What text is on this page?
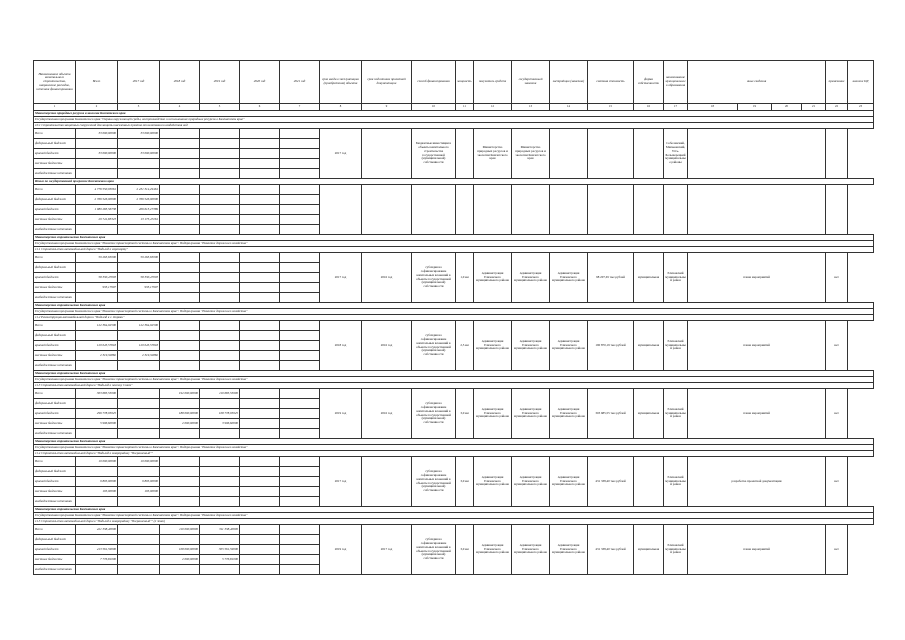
Наименование объекта капитального строительства, направление расходов, источник финансирования	Всего	2017 год	2018 год	2019 год	2020 год	2021 год	срок ввода в эксплуатацию (приобретения) объекта	срок подготовки проектной документации	способ финансирования	мощность	получатель средств	государственный заказчик	застройщик (заказчик)	сметная стоимость	форма собственности	наименование муниципального образования	иные сведения				примечание	наличие ПД
1	2	3	4	5	6	7	8	9	10	11	12	13	14	15	16	17	18	19	20	21	22	23
Министерство природных ресурсов и экологии Камчатского края																						
Государственная программа Камчатского края "Охрана окружающей среды, воспроизводство и использование природных ресурсов в Камчатском крае"																						
10.1 Строительство защитных сооружений для защиты населенных пунктов от негативного воздействия вод																						
Всего	33 000,00000	33 000,00000					2017 год		Бюджетные инвестиции в объекты капитального строительства государственной (муниципальной) собственности		Министерство природных ресурсов и экологии Камчатского края	Министерство природных ресурсов и экологии Камчатского края				Соболевский, Мильковский, Усть-Большерецкий муниципальные районы						
федеральный бюджет																						
краевой бюджет	33 000,00000	33 000,00000																				
местные бюджеты																						
внебюджетные источники																						
Итого по государственной программе Камчатского края																						
Всего	4 776 550,95061	2 431 314,29461																				
федеральный бюджет	2 766 526,00000	2 766 526,00000																				
краевой бюджет	1 980 283,56738	406 613,27389																				
местные бюджеты	29 741,83323	13 175,47261																				
внебюджетные источники																						
Министерство строительства Камчатского края																						
Государственная программа Камчатского края "Развитие транспортной системы в Камчатском крае". Подпрограмма "Развитие дорожного хозяйства"																						
11.1 Строительство автомобильной дороги "Подъезд к аэропорту"																						
Всего	59 263,65000	59 263,65000					2017 год	2016 год	субсидия на софинансирование капитальных вложений в объекты государственной (муниципальной) собственности	1,0 км	Администрация Елизовского муниципального района	Администрация Елизовского муниципального района	Администрация Елизовского муниципального района	98 207,65 тыс.рублей	муниципальная	Елизовский муниципальный район	плана мероприятий				нет	
федеральный бюджет																						
краевой бюджет	58 330,47003	58 330,47003																				
местные бюджеты	933,17997	933,17997																				
внебюджетные источники																						
Министерство строительства Камчатского края																						
Государственная программа Камчатского края "Развитие транспортной системы в Камчатском крае". Подпрограмма "Развитие дорожного хозяйства"																						
11.2 Реконструкция автомобильной дороги "Подъезд к с. Коряки"																						
Всего	122 364,92500	122 364,92500					2018 год	2016 год	субсидия на софинансирование капитальных вложений в объекты государственной (муниципальной) собственности	2,5 км	Администрация Елизовского муниципального района	Администрация Елизовского муниципального района	Администрация Елизовского муниципального района	190 870,19 тыс.рублей	муниципальная	Елизовский муниципальный район	плана мероприятий				нет	
федеральный бюджет																						
краевой бюджет	120 045,57618	120 045,57618																				
местные бюджеты	2 319,32882	2 319,32882																				
внебюджетные источники																						
Министерство строительства Камчатского края																						
Государственная программа Камчатского края "Развитие транспортной системы в Камчатском крае". Подпрограмма "Развитие дорожного хозяйства"																						
11.3 Строительство автомобильной дороги "Подъезд к поселку Сокоч"																						
Всего	303 685,55000		192 000,00000	110 685,55000			2019 год	2016 год	субсидия на софинансирование капитальных вложений в объекты государственной (муниципальной) собственности	3,0 км	Администрация Елизовского муниципального района	Администрация Елизовского муниципального района	Администрация Елизовского муниципального района	303 685,55 тыс.рублей	муниципальная	Елизовский муниципальный район	плана мероприятий				нет	
федеральный бюджет																						
краевой бюджет	296 778,95025		188 000,00000	108 778,95025																		
местные бюджеты	5 906,60000		2 000,00000	3 906,60000																		
внебюджетные источники																						
Министерство строительства Камчатского края																						
Государственная программа Камчатского края "Развитие транспортной системы в Камчатском крае". Подпрограмма "Развитие дорожного хозяйства"																						
11.4 Строительство автомобильной дороги "Подъезд к микрорайону "Пограничный""																						
Всего	10 000,00000	10 000,00000					2017 год		субсидия на софинансирование капитальных вложений в объекты государственной (муниципальной) собственности	3,0 км	Администрация Елизовского муниципального района	Администрация Елизовского муниципального района	Администрация Елизовского муниципального района	431 338,40 тыс.рублей		Елизовский муниципальный район	разработка проектной документации				нет	
федеральный бюджет																						
краевой бюджет	9 805,00000	9 805,00000																				
местные бюджеты	195,00000	195,00000																				
внебюджетные источники																						
Министерство строительства Камчатского края																						
Государственная программа Камчатского края "Развитие транспортной системы в Камчатском крае". Подпрограмма "Развитие дорожного хозяйства"																						
11.5 Строительство автомобильной дороги "Подъезд к микрорайону "Пограничный"" (2 этап)																						
Всего	421 338,40000		110 000,00000	311 338,40000			2019 год	2017 год	субсидия на софинансирование капитальных вложений в объекты государственной (муниципальной) собственности	3,0 км	Администрация Елизовского муниципального района	Администрация Елизовского муниципального района	Администрация Елизовского муниципального района	431 338,40 тыс.рублей	муниципальная	Елизовский муниципальный район	плана мероприятий				нет	
федеральный бюджет																						
краевой бюджет	413 561,59000		108 000,00000	305 561,59000																		
местные бюджеты	7 776,81000		2 000,00000	5 776,81000																		
внебюджетные источники																						
